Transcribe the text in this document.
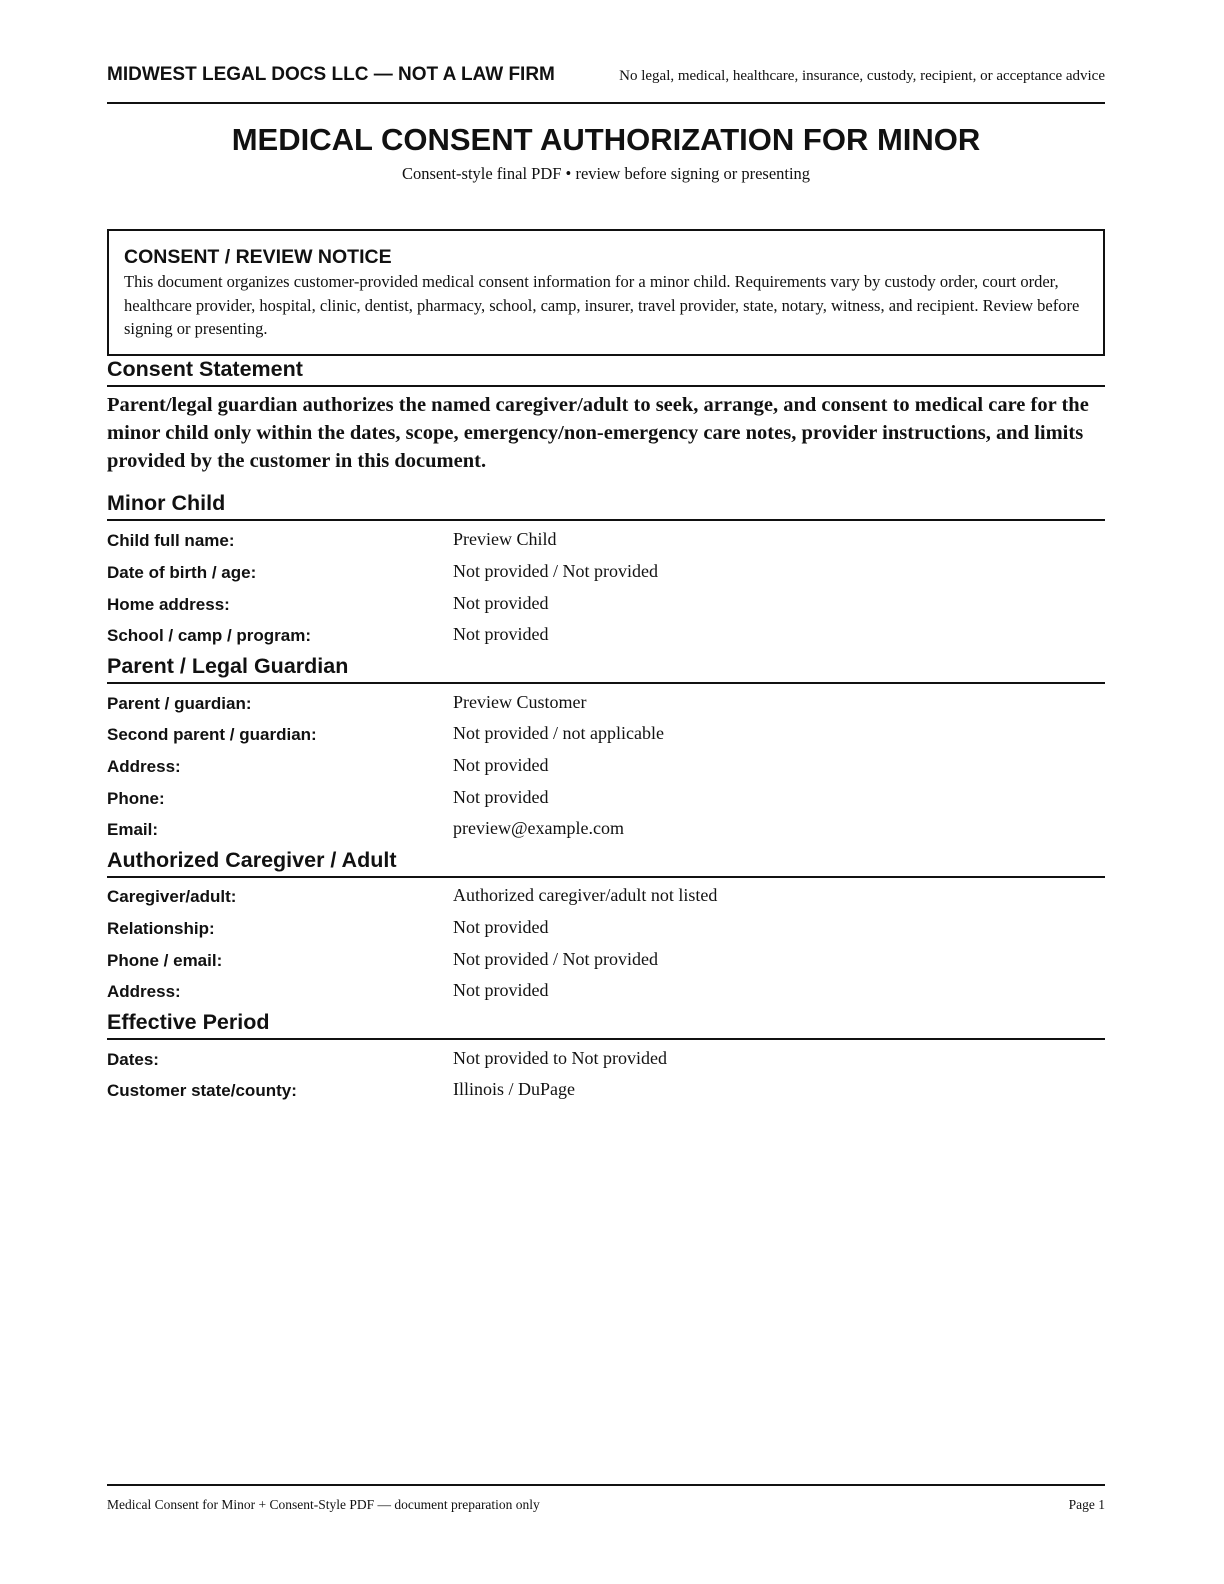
MIDWEST LEGAL DOCS LLC — NOT A LAW FIRM	No legal, medical, healthcare, insurance, custody, recipient, or acceptance advice
MEDICAL CONSENT AUTHORIZATION FOR MINOR
Consent-style final PDF • review before signing or presenting
CONSENT / REVIEW NOTICE
This document organizes customer-provided medical consent information for a minor child. Requirements vary by custody order, court order, healthcare provider, hospital, clinic, dentist, pharmacy, school, camp, insurer, travel provider, state, notary, witness, and recipient. Review before signing or presenting.
Consent Statement
Parent/legal guardian authorizes the named caregiver/adult to seek, arrange, and consent to medical care for the minor child only within the dates, scope, emergency/non-emergency care notes, provider instructions, and limits provided by the customer in this document.
Minor Child
Child full name:	Preview Child
Date of birth / age:	Not provided / Not provided
Home address:	Not provided
School / camp / program:	Not provided
Parent / Legal Guardian
Parent / guardian:	Preview Customer
Second parent / guardian:	Not provided / not applicable
Address:	Not provided
Phone:	Not provided
Email:	preview@example.com
Authorized Caregiver / Adult
Caregiver/adult:	Authorized caregiver/adult not listed
Relationship:	Not provided
Phone / email:	Not provided / Not provided
Address:	Not provided
Effective Period
Dates:	Not provided to Not provided
Customer state/county:	Illinois / DuPage
Medical Consent for Minor + Consent-Style PDF — document preparation only	Page 1
